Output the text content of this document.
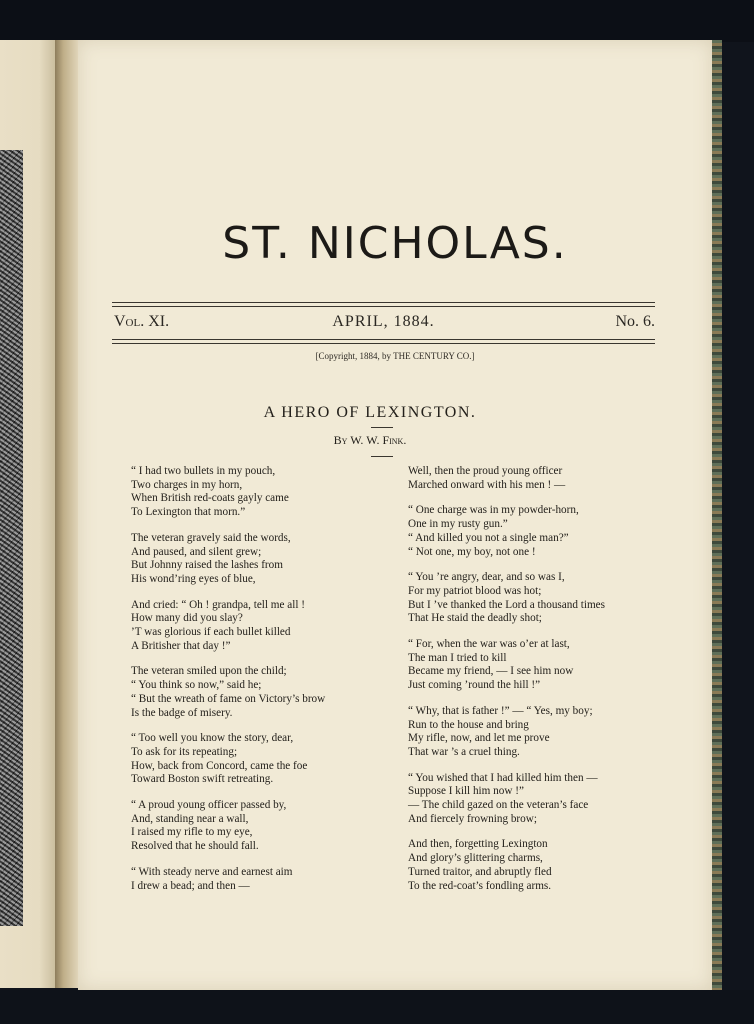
ST. NICHOLAS.
Vol. XI.	APRIL, 1884.	No. 6.
[Copyright, 1884, by THE CENTURY CO.]
A HERO OF LEXINGTON.
By W. W. Fink.
“ I had two bullets in my pouch,
Two charges in my horn,
When British red-coats gayly came
To Lexington that morn.”
The veteran gravely said the words,
And paused, and silent grew;
But Johnny raised the lashes from
His wond’ring eyes of blue,
And cried: “ Oh ! grandpa, tell me all !
How many did you slay?
’T was glorious if each bullet killed
A Britisher that day !”
The veteran smiled upon the child;
“ You think so now,” said he;
“ But the wreath of fame on Victory’s brow
Is the badge of misery.
“ Too well you know the story, dear,
To ask for its repeating;
How, back from Concord, came the foe
Toward Boston swift retreating.
“ A proud young officer passed by,
And, standing near a wall,
I raised my rifle to my eye,
Resolved that he should fall.
“ With steady nerve and earnest aim
I drew a bead; and then —
Well, then the proud young officer
Marched onward with his men ! —
“ One charge was in my powder-horn,
One in my rusty gun.”
“ And killed you not a single man?”
“ Not one, my boy, not one !
“ You ’re angry, dear, and so was I,
For my patriot blood was hot;
But I ’ve thanked the Lord a thousand times
That He staid the deadly shot;
“ For, when the war was o’er at last,
The man I tried to kill
Became my friend, — I see him now
Just coming ’round the hill !”
“ Why, that is father !” — “ Yes, my boy;
Run to the house and bring
My rifle, now, and let me prove
That war ’s a cruel thing.
“ You wished that I had killed him then —
Suppose I kill him now !”
— The child gazed on the veteran’s face
And fiercely frowning brow;
And then, forgetting Lexington
And glory’s glittering charms,
Turned traitor, and abruptly fled
To the red-coat’s fondling arms.
